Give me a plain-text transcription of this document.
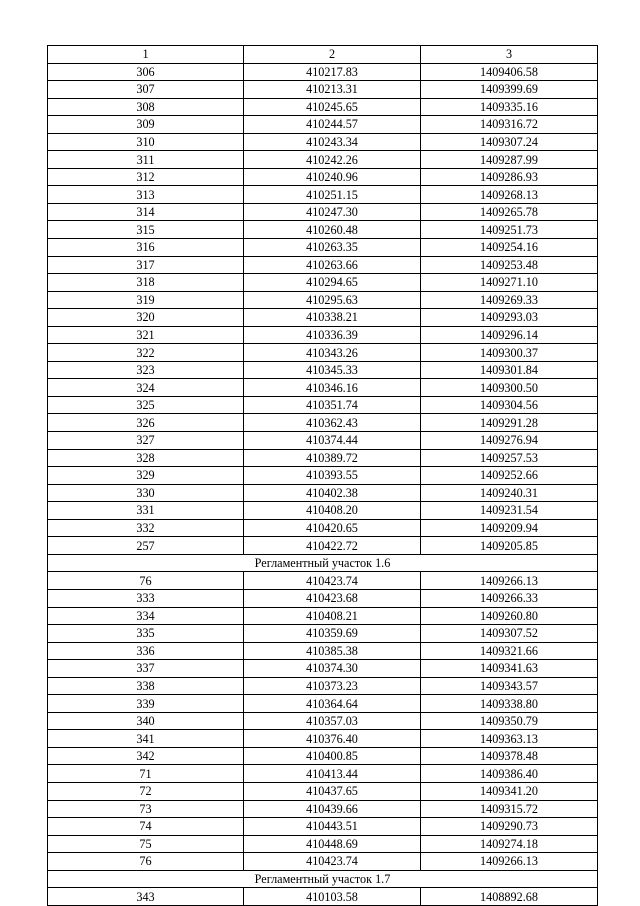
1	2	3
306	410217.83	1409406.58
307	410213.31	1409399.69
308	410245.65	1409335.16
309	410244.57	1409316.72
310	410243.34	1409307.24
311	410242.26	1409287.99
312	410240.96	1409286.93
313	410251.15	1409268.13
314	410247.30	1409265.78
315	410260.48	1409251.73
316	410263.35	1409254.16
317	410263.66	1409253.48
318	410294.65	1409271.10
319	410295.63	1409269.33
320	410338.21	1409293.03
321	410336.39	1409296.14
322	410343.26	1409300.37
323	410345.33	1409301.84
324	410346.16	1409300.50
325	410351.74	1409304.56
326	410362.43	1409291.28
327	410374.44	1409276.94
328	410389.72	1409257.53
329	410393.55	1409252.66
330	410402.38	1409240.31
331	410408.20	1409231.54
332	410420.65	1409209.94
257	410422.72	1409205.85
Регламентный участок 1.6		
76	410423.74	1409266.13
333	410423.68	1409266.33
334	410408.21	1409260.80
335	410359.69	1409307.52
336	410385.38	1409321.66
337	410374.30	1409341.63
338	410373.23	1409343.57
339	410364.64	1409338.80
340	410357.03	1409350.79
341	410376.40	1409363.13
342	410400.85	1409378.48
71	410413.44	1409386.40
72	410437.65	1409341.20
73	410439.66	1409315.72
74	410443.51	1409290.73
75	410448.69	1409274.18
76	410423.74	1409266.13
Регламентный участок 1.7		
343	410103.58	1408892.68
